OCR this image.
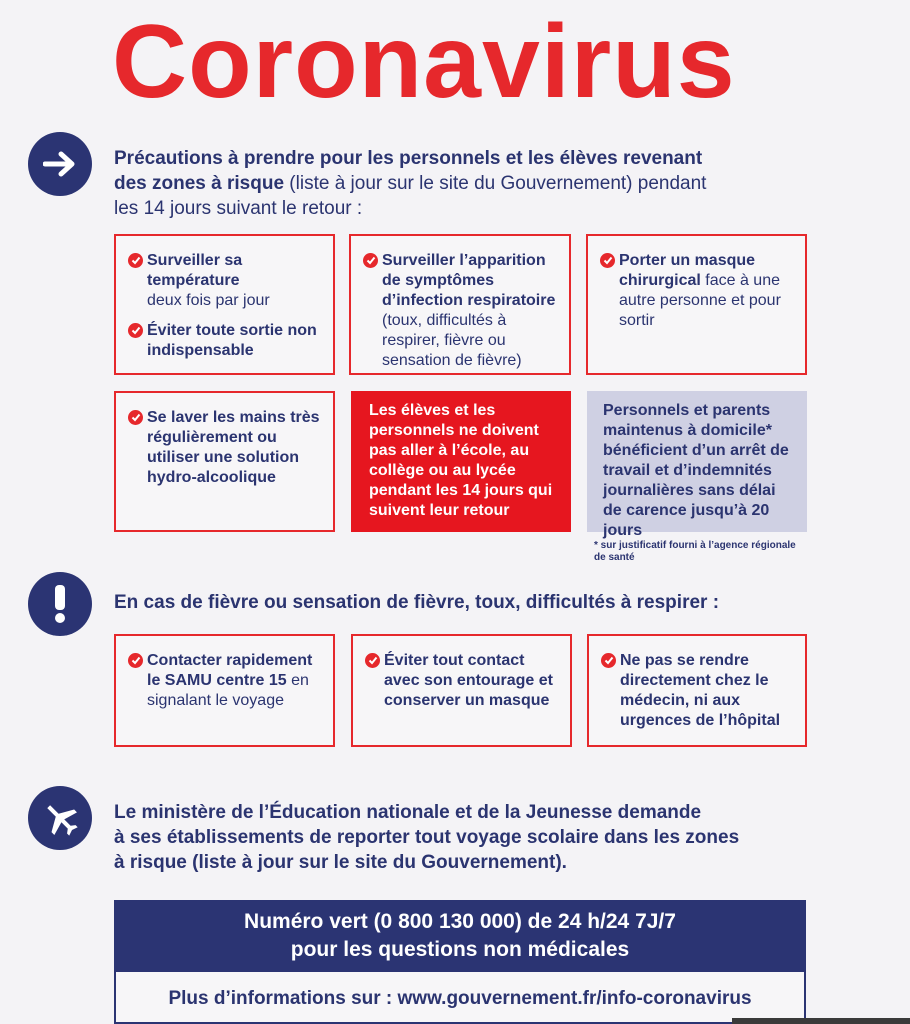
Coronavirus
Précautions à prendre pour les personnels et les élèves revenant
des zones à risque (liste à jour sur le site du Gouvernement) pendant
les 14 jours suivant le retour :
Surveiller sa température
deux fois par jour
Éviter toute sortie non indispensable
Surveiller l’apparition de symptômes d’infection respiratoire (toux, difficultés à respirer, fièvre ou sensation de fièvre)
Porter un masque chirurgical face à une autre personne et pour sortir
Se laver les mains très régulièrement ou utiliser une solution hydro-alcoolique
Les élèves et les personnels ne doivent pas aller à l’école, au collège ou au lycée pendant les 14 jours qui suivent leur retour
Personnels et parents maintenus à domicile* bénéficient d’un arrêt de travail et d’indemnités journalières sans délai de carence jusqu’à 20 jours
* sur justificatif fourni à l’agence régionale de santé
En cas de fièvre ou sensation de fièvre, toux, difficultés à respirer :
Contacter rapidement le SAMU centre 15 en signalant le voyage
Éviter tout contact avec son entourage et conserver un masque
Ne pas se rendre directement chez le médecin, ni aux urgences de l’hôpital
Le ministère de l’Éducation nationale et de la Jeunesse demande
à ses établissements de reporter tout voyage scolaire dans les zones
à risque (liste à jour sur le site du Gouvernement).
Numéro vert (0 800 130 000) de 24 h/24 7J/7
pour les questions non médicales
Plus d’informations sur : www.gouvernement.fr/info-coronavirus
